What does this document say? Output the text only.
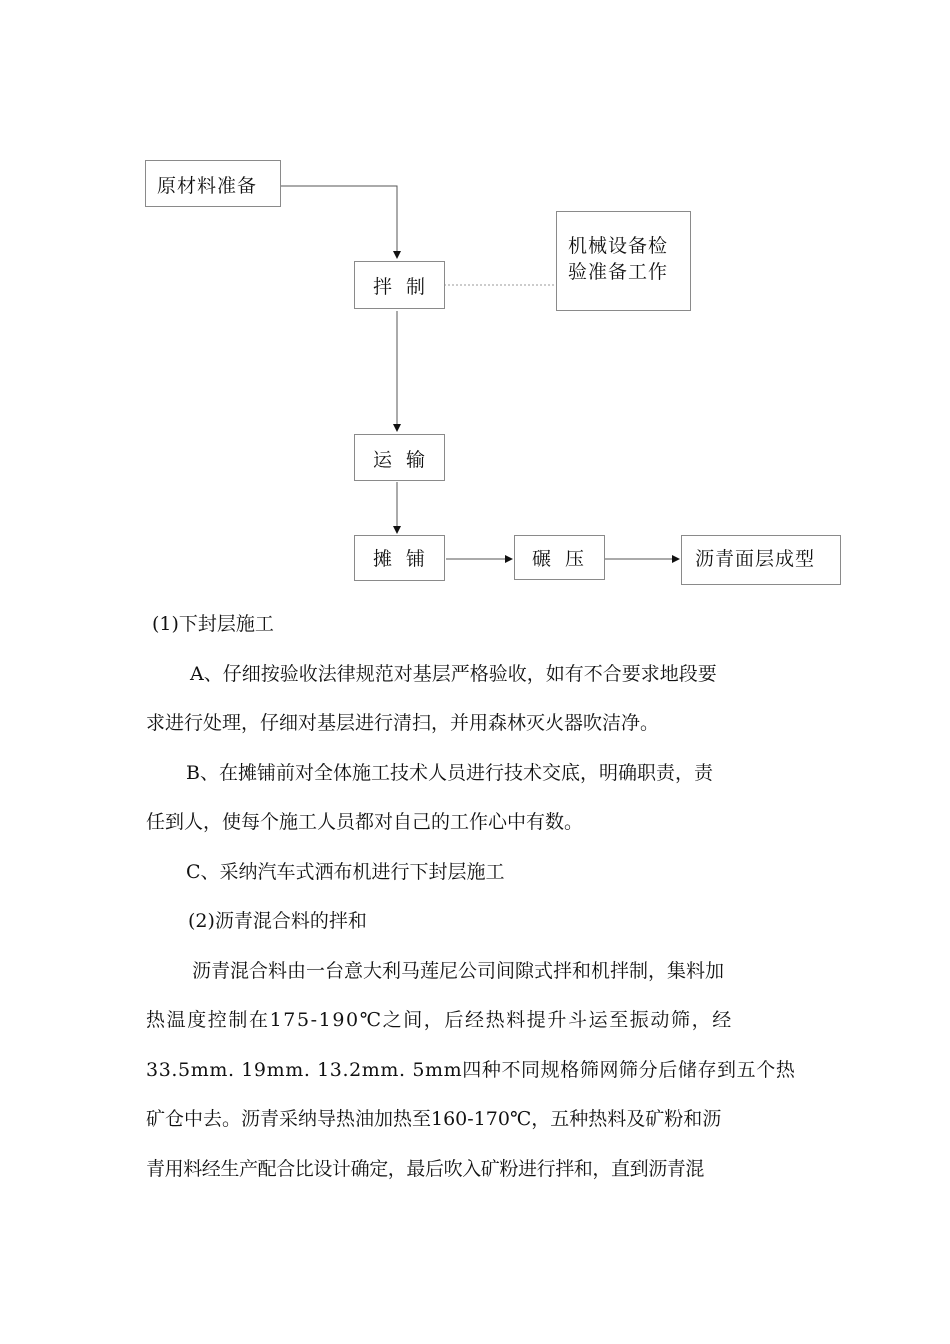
原材料准备
拌 制
机械设备检
验准备工作
运 输
摊 铺	碾 压	沥青面层成型
(1)下封层施工
A、仔细按验收法律规范对基层严格验收，如有不合要求地段要
求进行处理，仔细对基层进行清扫，并用森林灭火器吹洁净。
B、在摊铺前对全体施工技术人员进行技术交底，明确职责，责
任到人，使每个施工人员都对自己的工作心中有数。
C、采纳汽车式洒布机进行下封层施工
(2)沥青混合料的拌和
沥青混合料由一台意大利马莲尼公司间隙式拌和机拌制，集料加
热温度控制在175-190℃之间，后经热料提升斗运至振动筛，经
33.5mm. 19mm. 13.2mm. 5mm四种不同规格筛网筛分后储存到五个热
矿仓中去。沥青采纳导热油加热至160-170℃，五种热料及矿粉和沥
青用料经生产配合比设计确定，最后吹入矿粉进行拌和，直到沥青混
